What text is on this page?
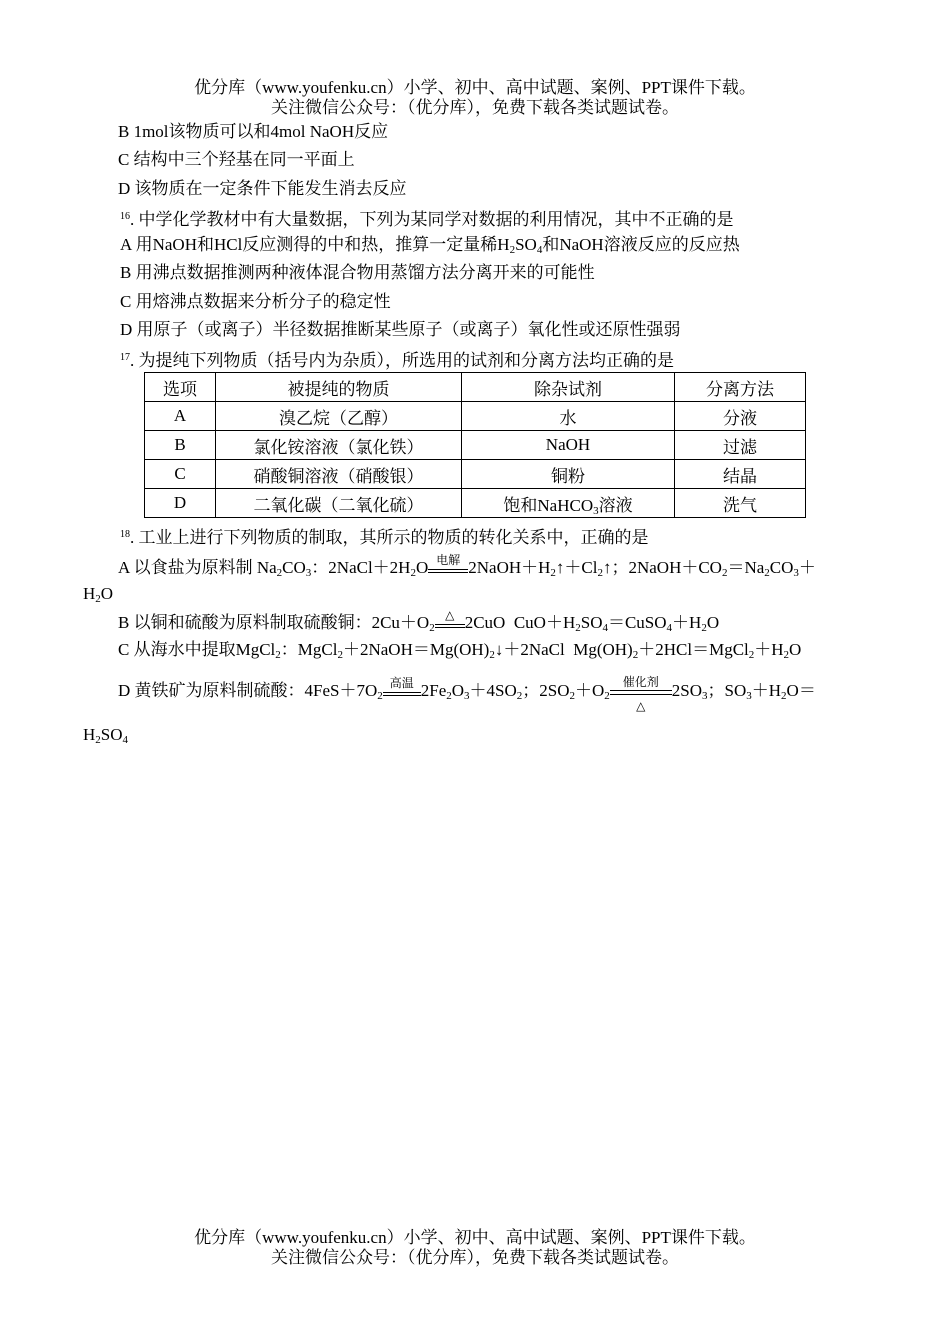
优分库（www.youfenku.cn）小学、初中、高中试题、案例、PPT课件下载。
关注微信公众号：（优分库），免费下载各类试题试卷。
B 1mol该物质可以和4mol NaOH反应
C 结构中三个羟基在同一平面上
D 该物质在一定条件下能发生消去反应
$^{16}$. 中学化学教材中有大量数据，下列为某同学对数据的利用情况，其中不正确的是
A 用NaOH和HCl反应测得的中和热，推算一定量稀$H_2SO_4$和NaOH溶液反应的反应热
B 用沸点数据推测两种液体混合物用蒸馏方法分离开来的可能性
C 用熔沸点数据来分析分子的稳定性
D 用原子（或离子）半径数据推断某些原子（或离子）氧化性或还原性强弱
$^{17}$. 为提纯下列物质（括号内为杂质），所选用的试剂和分离方法均正确的是
选项	被提纯的物质	除杂试剂	分离方法
A	溴乙烷（乙醇）	水	分液
B	氯化铵溶液（氯化铁）	NaOH	过滤
C	硝酸铜溶液（硝酸银）	铜粉	结晶
D	二氧化碳（二氧化硫）	饱和NaHCO$_3$溶液	洗气
$^{18}$. 工业上进行下列物质的制取，其所示的物质的转化关系中，正确的是
A 以食盐为原料制 $Na_2CO_3$：$2NaCl+2H_2O$ 电解 $2NaOH+H_2↑+Cl_2↑$；$2NaOH+CO_2=Na_2CO_3+$
$H_2O$
B 以铜和硫酸为原料制取硫酸铜：$2Cu+O_2$
△ 2CuO  $CuO+H_2SO_4=CuSO_4+H_2O$
C 从海水中提取MgCl$_2$：$MgCl_2+2NaOH=Mg(OH)_2↓+2NaCl$  $Mg(OH)_2+2HCl=MgCl_2+H_2O$
D 黄铁矿为原料制硫酸：$4FeS+7O_2$
高温 $2Fe_2O_3+4SO_2$；$2SO_2+O_2$
催化剂
△
$2SO_3$；$SO_3+H_2O=$
$H_2SO_4$
优分库（www.youfenku.cn）小学、初中、高中试题、案例、PPT课件下载。
关注微信公众号：（优分库），免费下载各类试题试卷。
